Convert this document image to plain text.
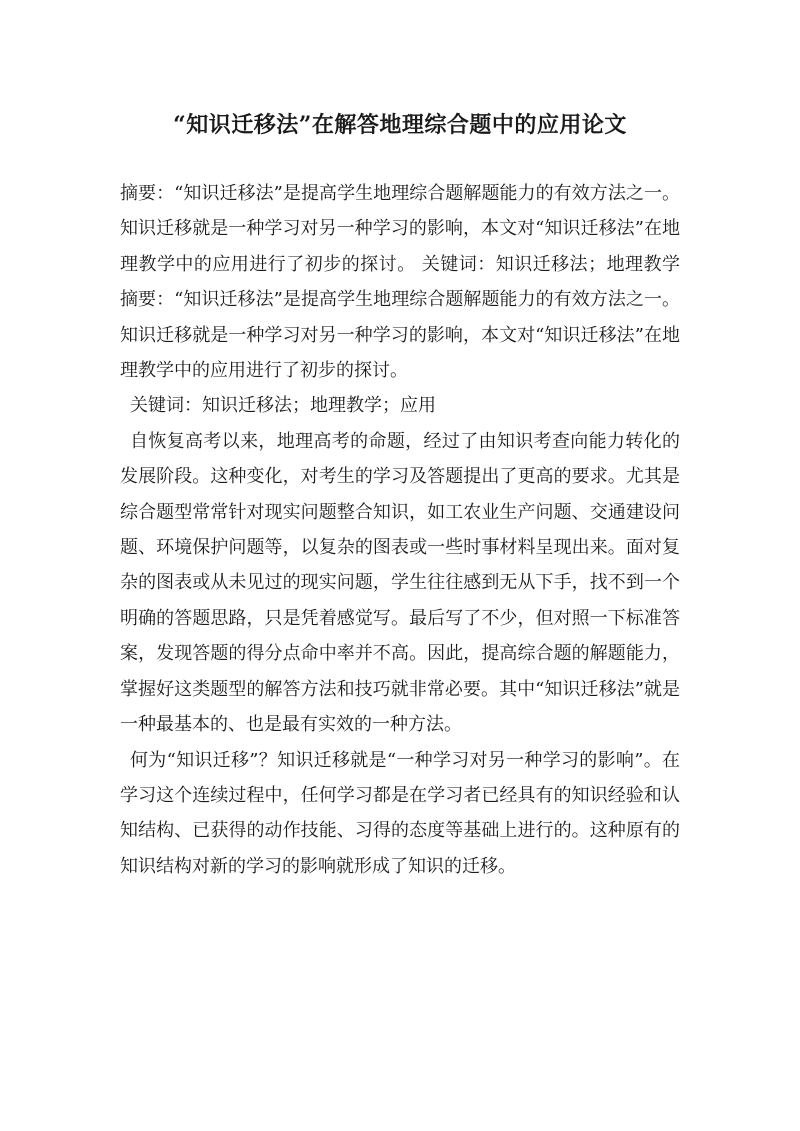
“知识迁移法”在解答地理综合题中的应用论文

摘要：“知识迁移法”是提高学生地理综合题解题能力的有效方法之一。知识迁移就是一种学习对另一种学习的影响，本文对“知识迁移法”在地理教学中的应用进行了初步的探讨。 关键词：知识迁移法；地理教学 摘要：“知识迁移法”是提高学生地理综合题解题能力的有效方法之一。知识迁移就是一种学习对另一种学习的影响，本文对“知识迁移法”在地理教学中的应用进行了初步的探讨。

关键词：知识迁移法；地理教学；应用

自恢复高考以来，地理高考的命题，经过了由知识考查向能力转化的发展阶段。这种变化，对考生的学习及答题提出了更高的要求。尤其是综合题型常常针对现实问题整合知识，如工农业生产问题、交通建设问题、环境保护问题等，以复杂的图表或一些时事材料呈现出来。面对复杂的图表或从未见过的现实问题，学生往往感到无从下手，找不到一个明确的答题思路，只是凭着感觉写。最后写了不少，但对照一下标准答案，发现答题的得分点命中率并不高。因此，提高综合题的解题能力，掌握好这类题型的解答方法和技巧就非常必要。其中“知识迁移法”就是一种最基本的、也是最有实效的一种方法。

何为“知识迁移”？知识迁移就是“一种学习对另一种学习的影响”。在学习这个连续过程中，任何学习都是在学习者已经具有的知识经验和认知结构、已获得的动作技能、习得的态度等基础上进行的。这种原有的知识结构对新的学习的影响就形成了知识的迁移。
